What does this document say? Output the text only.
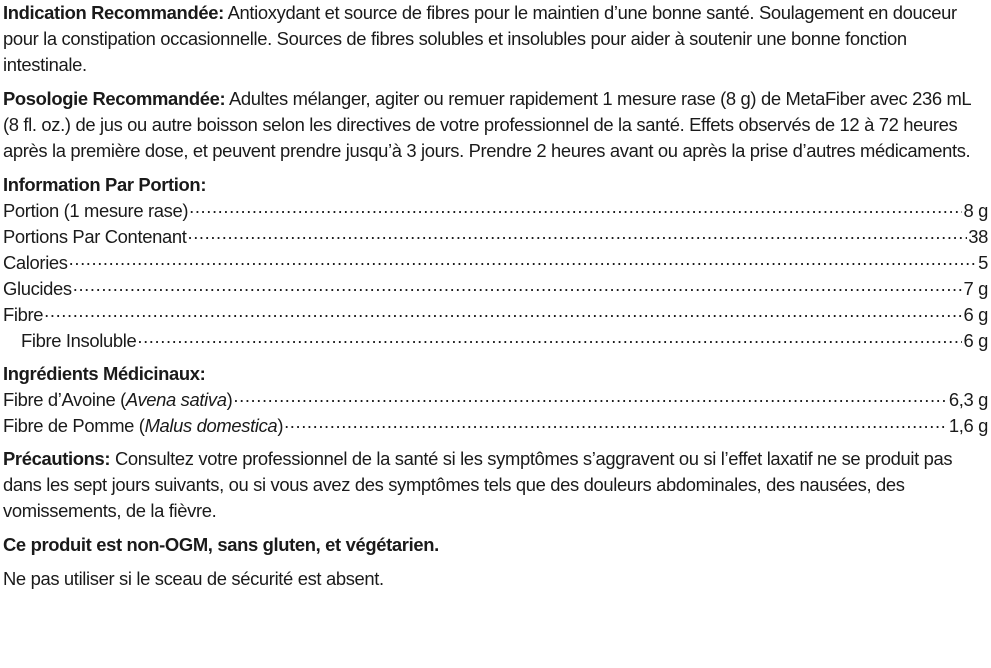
Indication Recommandée: Antioxydant et source de fibres pour le maintien d’une bonne santé. Soulagement en douceur pour la constipation occasionnelle. Sources de fibres solubles et insolubles pour aider à soutenir une bonne fonction intestinale.

Posologie Recommandée: Adultes mélanger, agiter ou remuer rapidement 1 mesure rase (8 g) de MetaFiber avec 236 mL (8 fl. oz.) de jus ou autre boisson selon les directives de votre professionnel de la santé. Effets observés de 12 à 72 heures après la première dose, et peuvent prendre jusqu’à 3 jours. Prendre 2 heures avant ou après la prise d’autres médicaments.

Information Par Portion:

Portion (1 mesure rase) .....	8 g
Portions Par Contenant .....	38
Calories .....	5
Glucides .....	7 g
Fibre .....	6 g
Fibre Insoluble .....	6 g

Ingrédients Médicinaux:

Fibre d’Avoine (Avena sativa) .....	6,3 g
Fibre de Pomme (Malus domestica) .....	1,6 g

Précautions: Consultez votre professionnel de la santé si les symptômes s’aggravent ou si l’effet laxatif ne se produit pas dans les sept jours suivants, ou si vous avez des symptômes tels que des douleurs abdominales, des nausées, des vomissements, de la fièvre.

Ce produit est non-OGM, sans gluten, et végétarien.

Ne pas utiliser si le sceau de sécurité est absent.
